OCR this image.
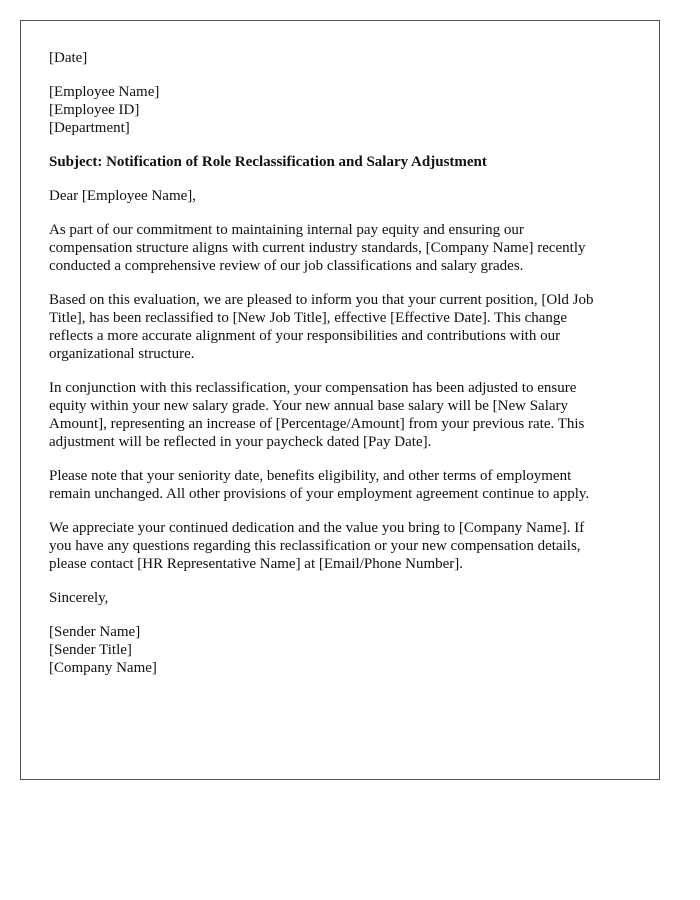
[Date]
[Employee Name]
[Employee ID]
[Department]
Subject: Notification of Role Reclassification and Salary Adjustment
Dear [Employee Name],
As part of our commitment to maintaining internal pay equity and ensuring our
compensation structure aligns with current industry standards, [Company Name] recently
conducted a comprehensive review of our job classifications and salary grades.
Based on this evaluation, we are pleased to inform you that your current position, [Old Job
Title], has been reclassified to [New Job Title], effective [Effective Date]. This change
reflects a more accurate alignment of your responsibilities and contributions with our
organizational structure.
In conjunction with this reclassification, your compensation has been adjusted to ensure
equity within your new salary grade. Your new annual base salary will be [New Salary
Amount], representing an increase of [Percentage/Amount] from your previous rate. This
adjustment will be reflected in your paycheck dated [Pay Date].
Please note that your seniority date, benefits eligibility, and other terms of employment
remain unchanged. All other provisions of your employment agreement continue to apply.
We appreciate your continued dedication and the value you bring to [Company Name]. If
you have any questions regarding this reclassification or your new compensation details,
please contact [HR Representative Name] at [Email/Phone Number].
Sincerely,
[Sender Name]
[Sender Title]
[Company Name]
